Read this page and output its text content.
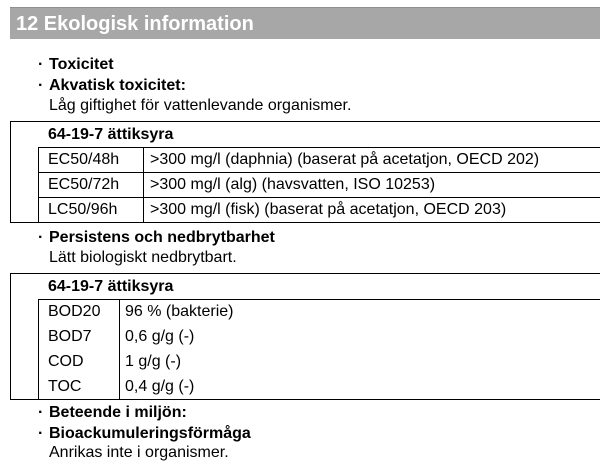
12 Ekologisk information
· Toxicitet
· Akvatisk toxicitet:
Låg giftighet för vattenlevande organismer.
64-19-7 ättiksyra
EC50/48h >300 mg/l (daphnia) (baserat på acetatjon, OECD 202)
EC50/72h >300 mg/l (alg) (havsvatten, ISO 10253)
LC50/96h >300 mg/l (fisk) (baserat på acetatjon, OECD 203)
· Persistens och nedbrytbarhet
Lätt biologiskt nedbrytbart.
64-19-7 ättiksyra
BOD20 96 % (bakterie)
BOD7 0,6 g/g (-)
COD	1 g/g (-)
TOC	0,4 g/g (-)
· Beteende i miljön:
· Bioackumuleringsförmåga
Anrikas inte i organismer.
